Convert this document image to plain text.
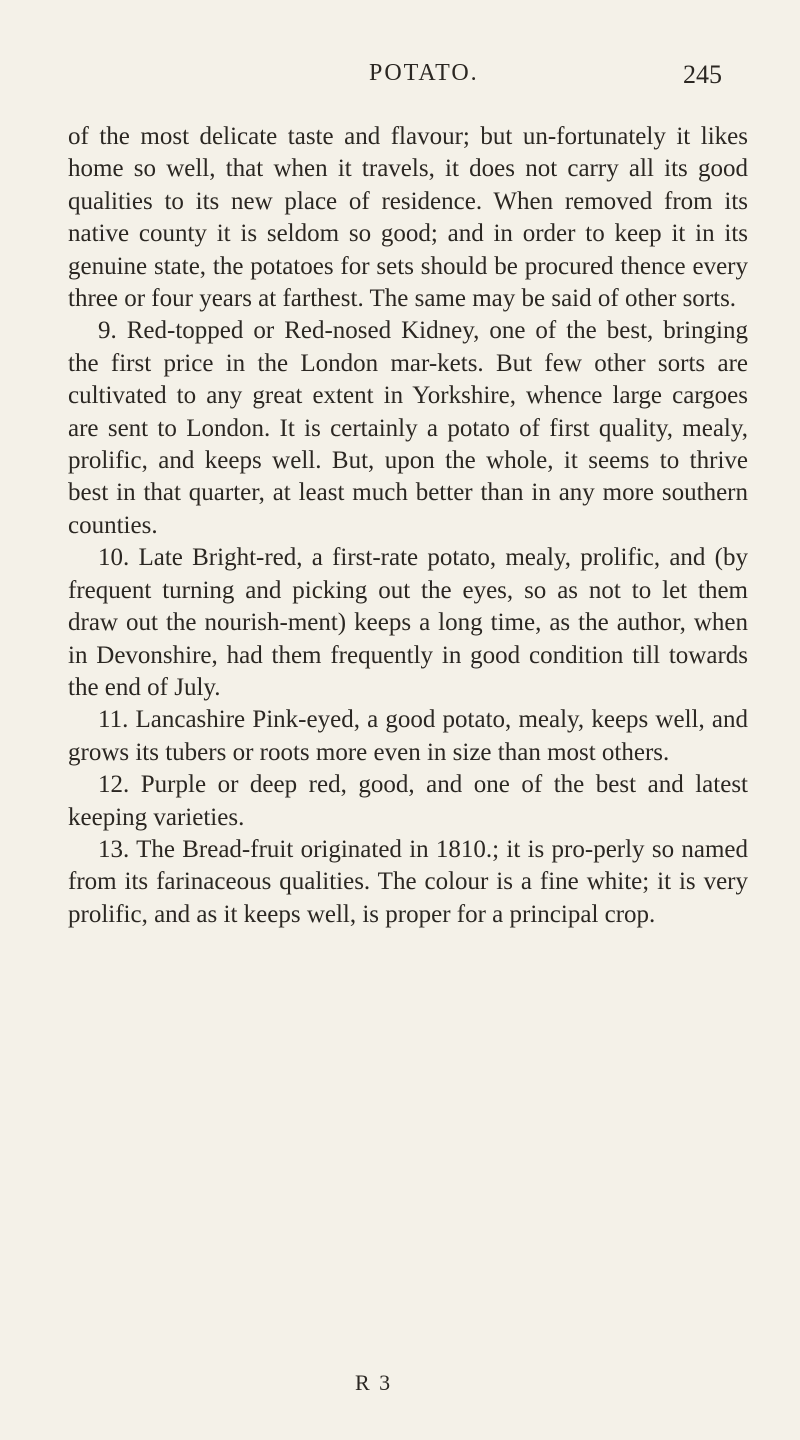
POTATO.	245

of the most delicate taste and flavour; but un-fortunately it likes home so well, that when it travels, it does not carry all its good qualities to its new place of residence. When removed from its native county it is seldom so good; and in order to keep it in its genuine state, the potatoes for sets should be procured thence every three or four years at farthest. The same may be said of other sorts.

9. Red-topped or Red-nosed Kidney, one of the best, bringing the first price in the London mar-kets. But few other sorts are cultivated to any great extent in Yorkshire, whence large cargoes are sent to London. It is certainly a potato of first quality, mealy, prolific, and keeps well. But, upon the whole, it seems to thrive best in that quarter, at least much better than in any more southern counties.

10. Late Bright-red, a first-rate potato, mealy, prolific, and (by frequent turning and picking out the eyes, so as not to let them draw out the nourish-ment) keeps a long time, as the author, when in Devonshire, had them frequently in good condition till towards the end of July.

11. Lancashire Pink-eyed, a good potato, mealy, keeps well, and grows its tubers or roots more even in size than most others.

12. Purple or deep red, good, and one of the best and latest keeping varieties.

13. The Bread-fruit originated in 1810.; it is pro-perly so named from its farinaceous qualities. The colour is a fine white; it is very prolific, and as it keeps well, is proper for a principal crop.

R 3
